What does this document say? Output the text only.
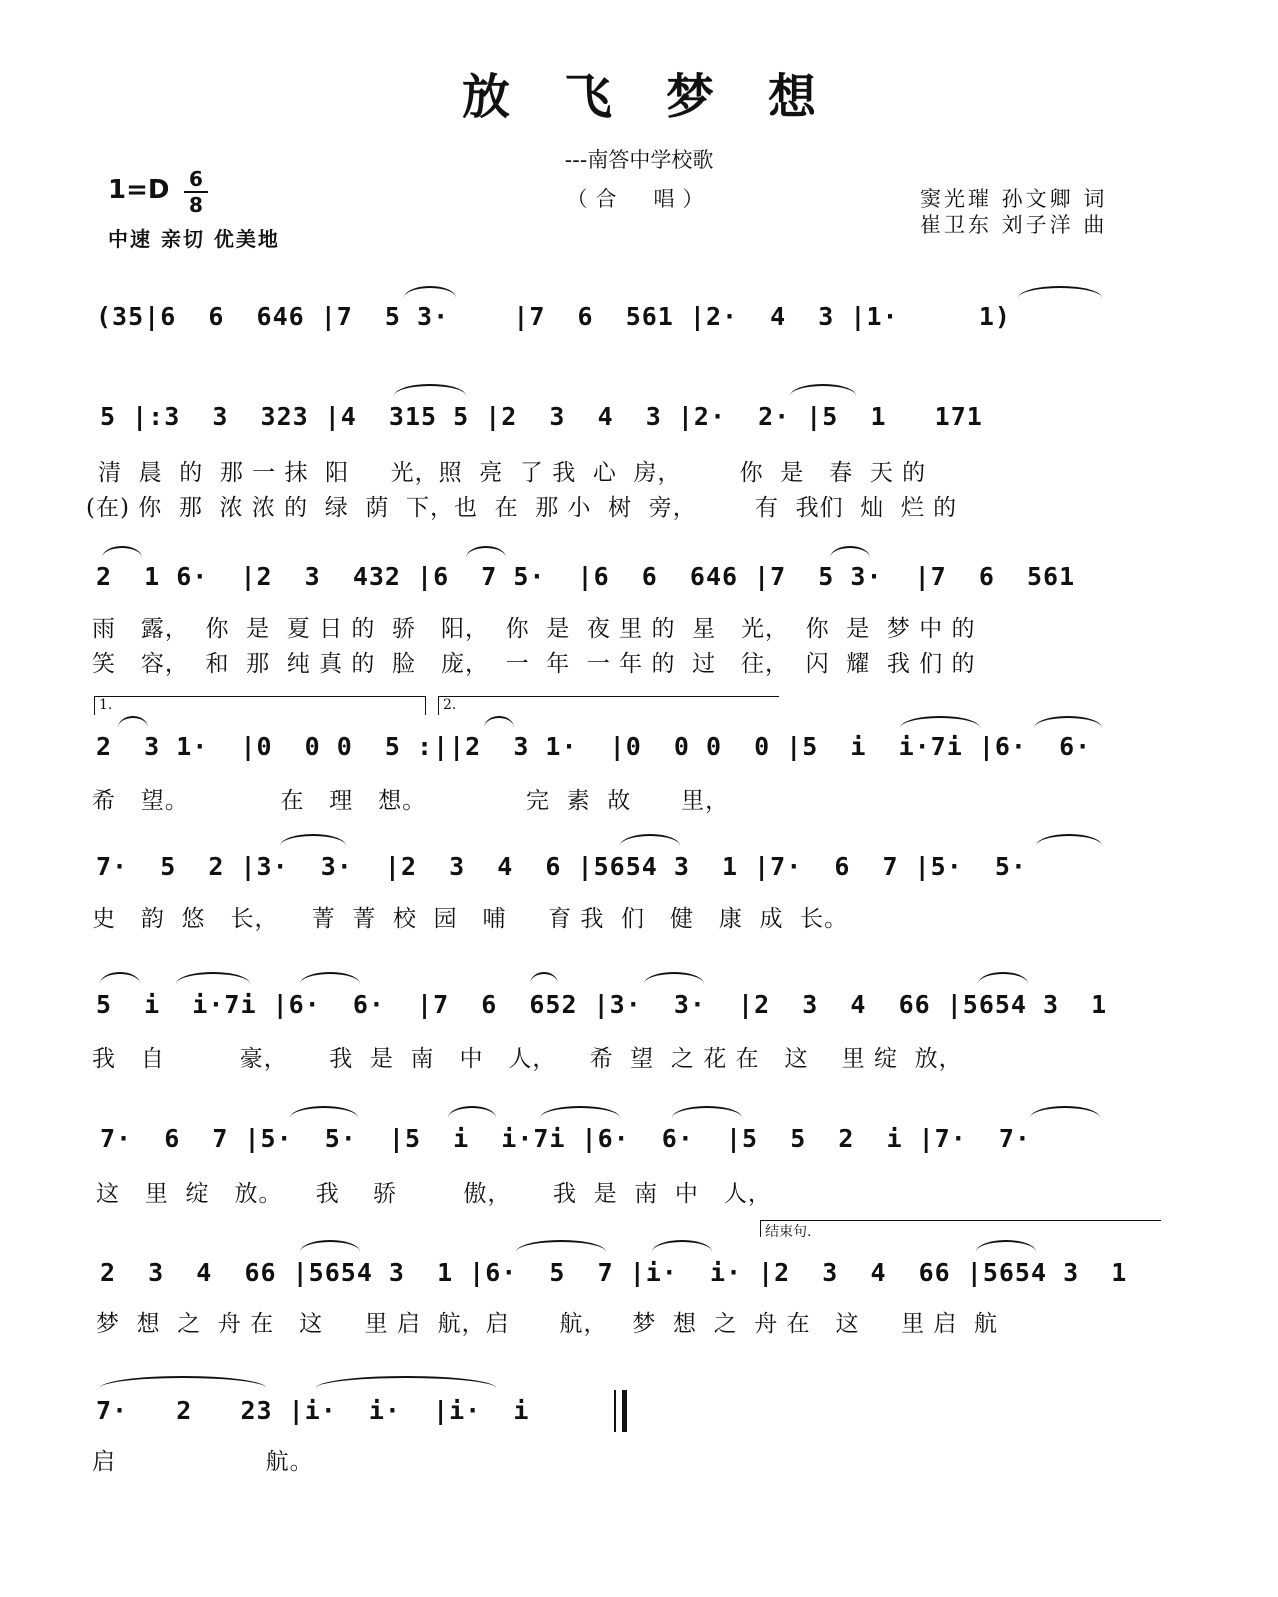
放飞梦想
---南答中学校歌
（合　唱）
1=D 6
8
中速 亲切 优美地
窦光璀 孙文卿 词
崔卫东 刘子洋 曲
(35|6  6  646 |7  5 3·    |7  6  561 |2·  4  3 |1·     1)
5 |:3  3  323 |4  315 5 |2  3  4  3 |2·  2· |5  1   171
清  晨  的  那 一 抹  阳     光，照  亮  了 我  心  房，       你  是   春  天 的
(在) 你  那  浓 浓 的  绿  荫  下，也  在  那 小  树  旁，       有  我们  灿  烂 的
2  1 6·  |2  3  432 |6  7 5·  |6  6  646 |7  5 3·  |7  6  561
雨   露，  你  是  夏 日 的  骄   阳，  你  是  夜 里 的  星   光，  你  是  梦 中 的
笑   容，  和  那  纯 真 的  脸   庞，  一  年  一 年 的  过   往，  闪  耀  我 们 的
1.	2.
2  3 1·  |0  0 0  5 :||2  3 1·  |0  0 0  0 |5  i  i·7i |6·  6·
希   望。           在   理   想。            完  素  故      里，
7·  5  2 |3·  3·  |2  3  4  6 |5654 3  1 |7·  6  7 |5·  5·
史   韵  悠   长，    菁  菁  校  园   哺     育 我  们   健   康  成  长。
5  i  i·7i |6·  6·  |7  6  652 |3·  3·  |2  3  4  66 |5654 3  1
我   自         豪，     我  是  南   中   人，    希  望  之 花 在   这    里 绽  放，
7·  6  7 |5·  5·  |5  i  i·7i |6·  6·  |5  5  2  i |7·  7·
这   里  绽   放。    我    骄        傲，     我  是  南  中   人，
结束句.
2  3  4  66 |5654 3  1 |6·  5  7 |i·  i· |2  3  4  66 |5654 3  1
梦  想  之  舟 在   这     里 启  航，启      航，   梦  想  之  舟 在   这     里 启  航
7·   2   23 |i·  i·  |i·  i
启                  航。
